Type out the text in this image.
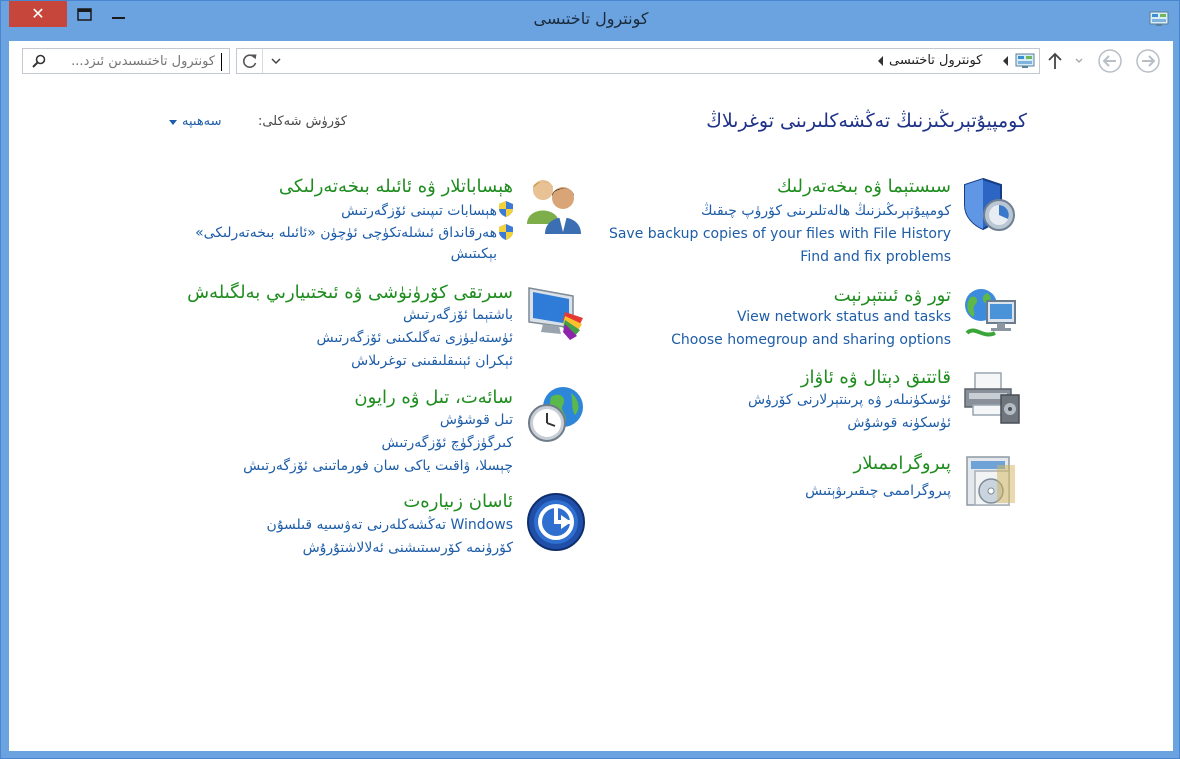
✕	كونترول تاختىسى
كونترول تاختىسىدىن ئىزد...
كونترول تاختىسى
كومپيۇتېرىڭىزنىڭ تەڭشەكلىرىنى توغرىلاڭ
كۆرۈش شەكلى:
سەھىپە
سىستېما ۋە بىخەتەرلىك
كومپيۇتېرىڭىزنىڭ ھالەتلىرىنى كۆرۈپ چىقىڭ
Save backup copies of your files with File History
Find and fix problems
تور ۋە ئىنتېرنېت
View network status and tasks
Choose homegroup and sharing options
قاتتىق دېتال ۋە ئاۋاز
ئۈسكۈنىلەر ۋە پرىنتېرلارنى كۆرۈش
ئۈسكۈنە قوشۇش
پىروگراممىلار
پىروگراممى چىقىرىۋېتىش
ھېساباتلار ۋە ئائىلە بىخەتەرلىكى
ھېسابات تىپىنى ئۆزگەرتىش
ھەرقانداق ئىشلەتكۈچى ئۈچۈن «ئائىلە بىخەتەرلىكى»
بېكىتىش
سىرتقى كۆرۈنۈشى ۋە ئىختىيارىي بەلگىلەش
باشتېما ئۆزگەرتىش
ئۈستەليۈزى تەگلىكىنى ئۆزگەرتىش
ئېكران ئېنىقلىقىنى توغرىلاش
سائەت، تىل ۋە رايون
تىل قوشۇش
كىرگۈزگۈچ ئۆزگەرتىش
چېسلا، ۋاقىت ياكى سان فورماتىنى ئۆزگەرتىش
ئاسان زىيارەت
Windows تەڭشەكلەرنى تەۋسىيە قىلسۇن
كۆرۈنمە كۆرسىتىشنى ئەلالاشتۇرۇش
